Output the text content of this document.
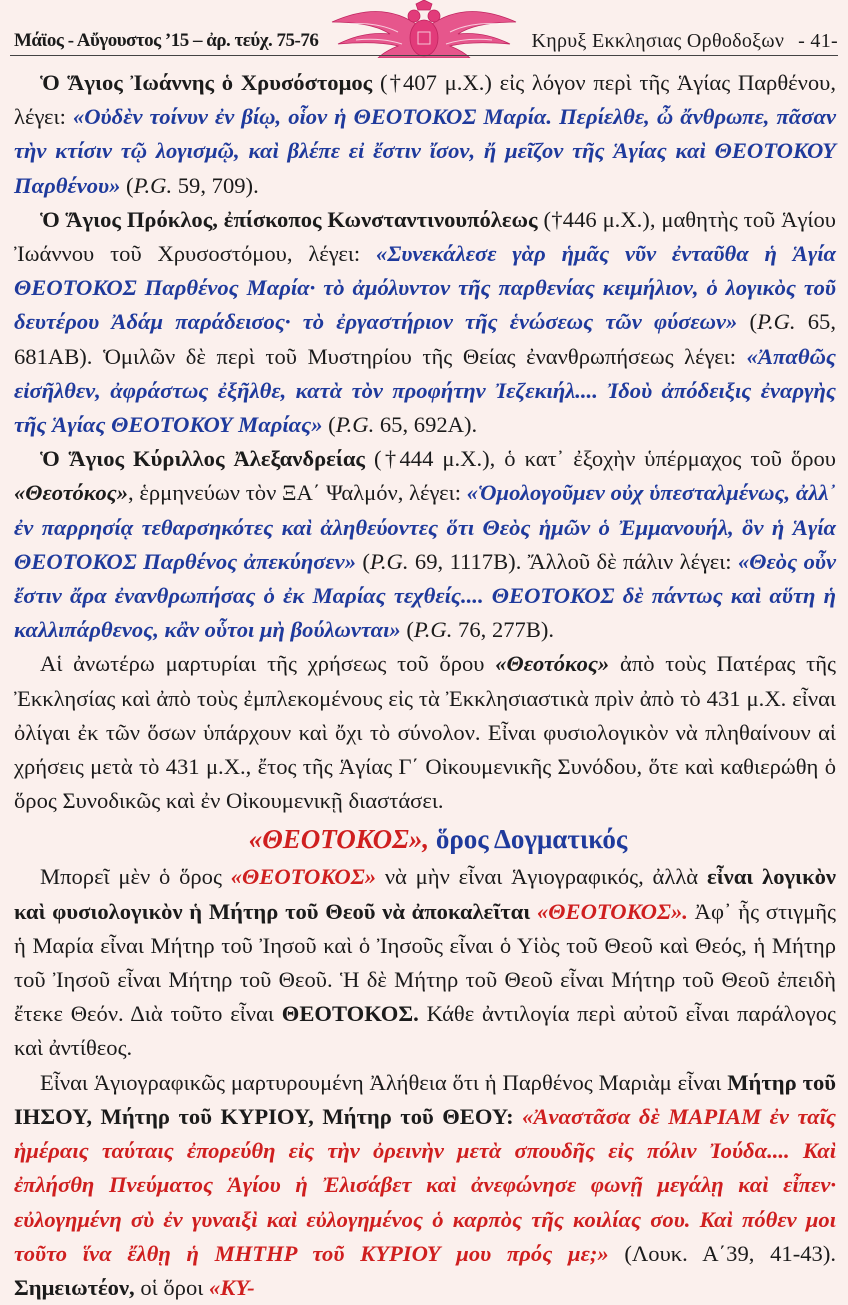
Μάϊος - Αὔγουστος ’15 – ἀρ. τεύχ. 75-76	Κηρυξ Εκκλησιας Ορθοδοξων - 41-

Ὁ Ἅγιος Ἰωάννης ὁ Χρυσόστομος (†407 μ.Χ.) εἰς λόγον περὶ τῆς Ἁγίας Παρθένου, λέγει: «Οὐδὲν τοίνυν ἐν βίῳ, οἷον ἡ ΘΕΟΤΟΚΟΣ Μαρία. Περίελθε, ὦ ἄνθρωπε, πᾶσαν τὴν κτίσιν τῷ λογισμῷ, καὶ βλέπε εἰ ἔστιν ἴσον, ἤ μεῖζον τῆς Ἁγίας καὶ ΘΕΟΤΟΚΟΥ Παρθένου» (P.G. 59, 709).

Ὁ Ἅγιος Πρόκλος, ἐπίσκοπος Κωνσταντινουπόλεως (†446 μ.Χ.), μαθητὴς τοῦ Ἁγίου Ἰωάννου τοῦ Χρυσοστόμου, λέγει: «Συνεκάλεσε γὰρ ἡμᾶς νῦν ἐνταῦθα ἡ Ἁγία ΘΕΟΤΟΚΟΣ Παρθένος Μαρία· τὸ ἀμόλυντον τῆς παρθενίας κειμήλιον, ὁ λογικὸς τοῦ δευτέρου Ἀδάμ παράδεισος· τὸ ἐργαστήριον τῆς ἑνώσεως τῶν φύσεων» (P.G. 65, 681AB). Ὁμιλῶν δὲ περὶ τοῦ Μυστηρίου τῆς Θείας ἐνανθρωπήσεως λέγει: «Ἀπαθῶς εἰσῆλθεν, ἀφράστως ἐξῆλθε, κατὰ τὸν προφήτην Ἰεζεκιήλ.... Ἰδοὺ ἀπόδειξις ἐναργὴς τῆς Ἁγίας ΘΕΟΤΟΚΟΥ Μαρίας» (P.G. 65, 692A).

Ὁ Ἅγιος Κύριλλος Ἀλεξανδρείας (†444 μ.Χ.), ὁ κατ᾽ ἐξοχὴν ὑπέρμαχος τοῦ ὅρου «Θεοτόκος», ἑρμηνεύων τὸν ΞΑ΄ Ψαλμόν, λέγει: «Ὁμολογοῦμεν οὐχ ὑπεσταλμένως, ἀλλ᾽ ἐν παρρησίᾳ τεθαρσηκότες καὶ ἀληθεύοντες ὅτι Θεὸς ἡμῶν ὁ Ἐμμανουήλ, ὃν ἡ Ἁγία ΘΕΟΤΟΚΟΣ Παρθένος ἀπεκύησεν» (P.G. 69, 1117B). Ἄλλοῦ δὲ πάλιν λέγει: «Θεὸς οὖν ἔστιν ἄρα ἐνανθρωπήσας ὁ ἐκ Μαρίας τεχθείς.... ΘΕΟΤΟΚΟΣ δὲ πάντως καὶ αὕτη ἡ καλλιπάρθενος, κἂν οὗτοι μὴ βούλωνται» (P.G. 76, 277B).

Αἱ ἀνωτέρω μαρτυρίαι τῆς χρήσεως τοῦ ὅρου «Θεοτόκος» ἀπὸ τοὺς Πατέρας τῆς Ἐκκλησίας καὶ ἀπὸ τοὺς ἐμπλεκομένους εἰς τὰ Ἐκκλησιαστικὰ πρὶν ἀπὸ τὸ 431 μ.Χ. εἶναι ὀλίγαι ἐκ τῶν ὅσων ὑπάρχουν καὶ ὄχι τὸ σύνολον. Εἶναι φυσιολογικὸν νὰ πληθαίνουν αἱ χρήσεις μετὰ τὸ 431 μ.Χ., ἔτος τῆς Ἁγίας Γ΄ Οἰκουμενικῆς Συνόδου, ὅτε καὶ καθιερώθη ὁ ὅρος Συνοδικῶς καὶ ἐν Οἰκουμενικῇ διαστάσει.

«ΘΕΟΤΟΚΟΣ», ὅρος Δογματικός

Μπορεῖ μὲν ὁ ὅρος «ΘΕΟΤΟΚΟΣ» νὰ μὴν εἶναι Ἁγιογραφικός, ἀλλὰ εἶναι λογικὸν καὶ φυσιολογικὸν ἡ Μήτηρ τοῦ Θεοῦ νὰ ἀποκαλεῖται «ΘΕΟΤΟΚΟΣ». Ἀφ᾽ ἧς στιγμῆς ἡ Μαρία εἶναι Μήτηρ τοῦ Ἰησοῦ καὶ ὁ Ἰησοῦς εἶναι ὁ Υἱὸς τοῦ Θεοῦ καὶ Θεός, ἡ Μήτηρ τοῦ Ἰησοῦ εἶναι Μήτηρ τοῦ Θεοῦ. Ἡ δὲ Μήτηρ τοῦ Θεοῦ εἶναι Μήτηρ τοῦ Θεοῦ ἐπειδὴ ἔτεκε Θεόν. Διὰ τοῦτο εἶναι ΘΕΟΤΟΚΟΣ. Κάθε ἀντιλογία περὶ αὐτοῦ εἶναι παράλογος καὶ ἀντίθεος.

Εἶναι Ἁγιογραφικῶς μαρτυρουμένη Ἀλήθεια ὅτι ἡ Παρθένος Μαριὰμ εἶναι Μήτηρ τοῦ ΙΗΣΟΥ, Μήτηρ τοῦ ΚΥΡΙΟΥ, Μήτηρ τοῦ ΘΕΟΥ: «Ἀναστᾶσα δὲ ΜΑΡΙΑΜ ἐν ταῖς ἡμέραις ταύταις ἐπορεύθη εἰς τὴν ὀρεινὴν μετὰ σπουδῆς εἰς πόλιν Ἰούδα.... Καὶ ἐπλήσθη Πνεύματος Ἁγίου ἡ Ἐλισάβετ καὶ ἀνεφώνησε φωνῇ μεγάλῃ καὶ εἶπεν· εὐλογημένη σὺ ἐν γυναιξὶ καὶ εὐλογημένος ὁ καρπὸς τῆς κοιλίας σου. Καὶ πόθεν μοι τοῦτο ἵνα ἔλθῃ ἡ ΜΗΤΗΡ τοῦ ΚΥΡΙΟΥ μου πρός με;» (Λουκ. Α΄39, 41-43). Σημειωτέον, οἱ ὅροι «ΚΥ-
